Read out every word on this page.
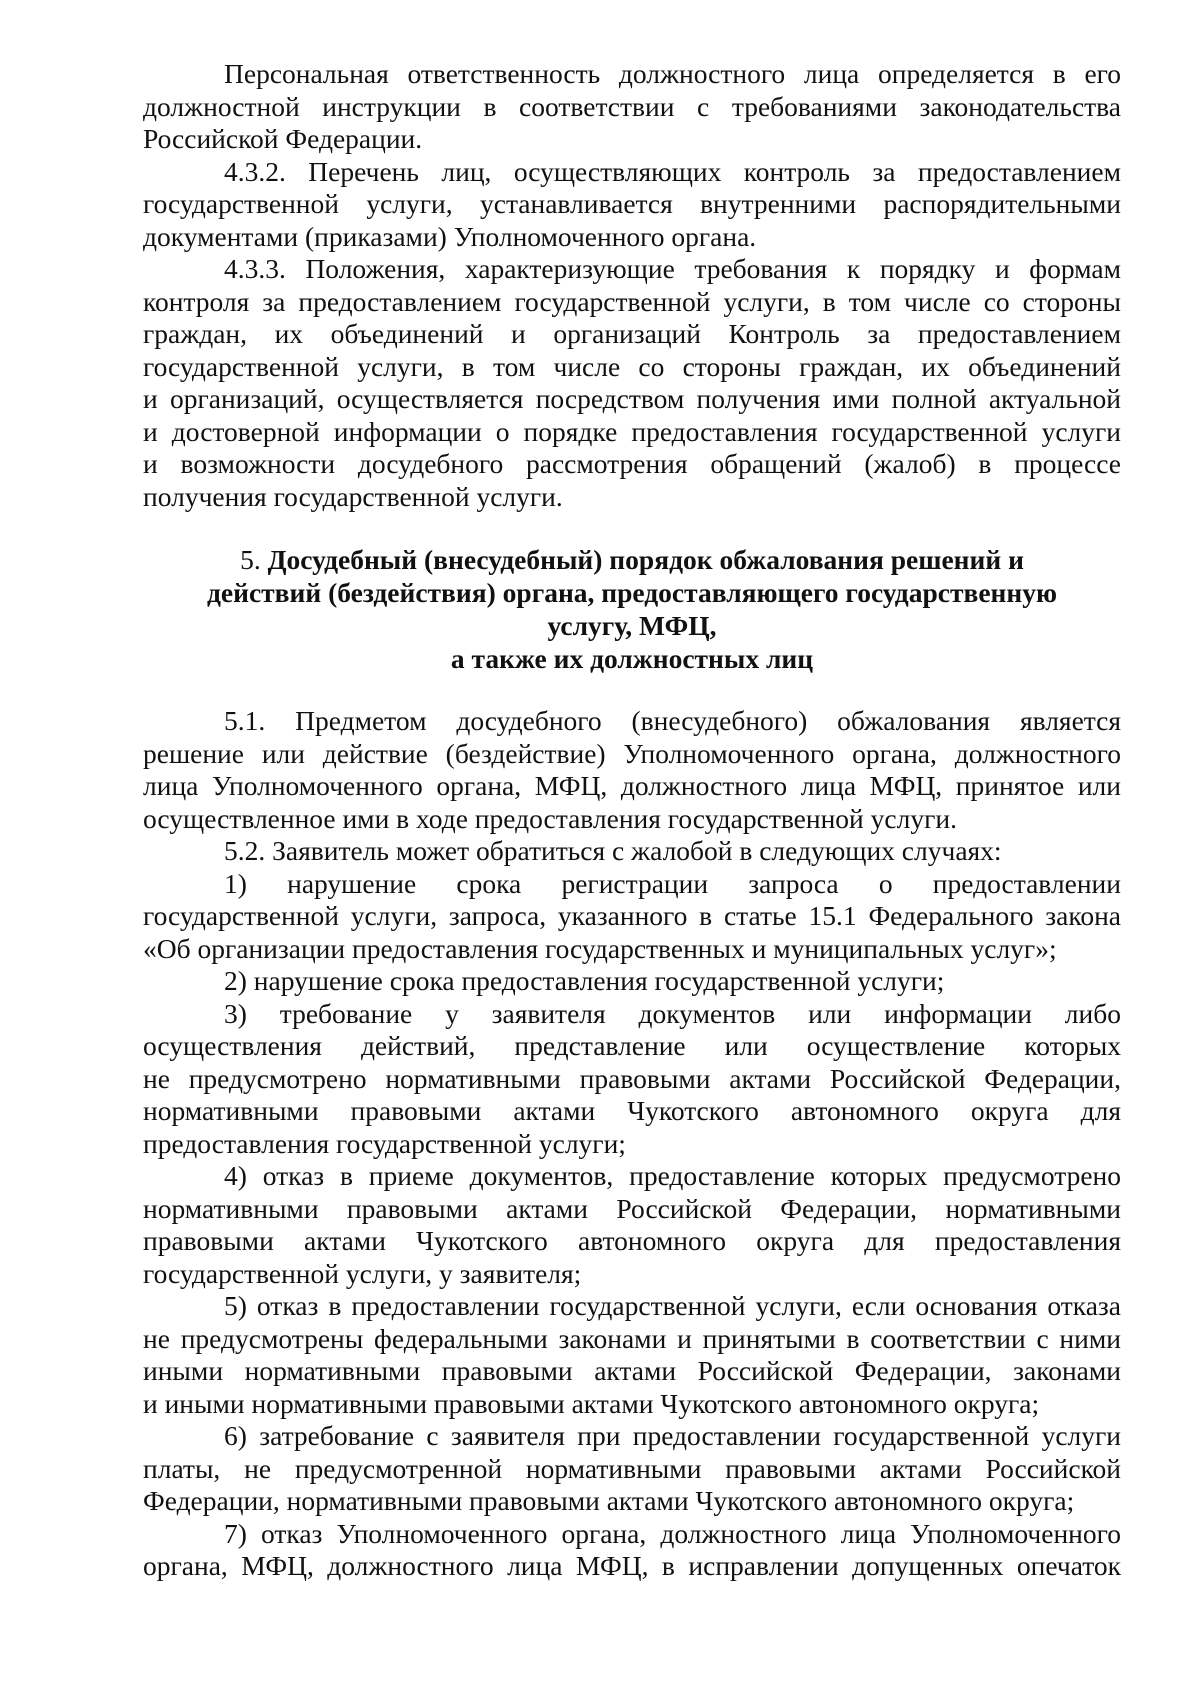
Персональная ответственность должностного лица определяется в его
должностной инструкции в соответствии с требованиями законодательства
Российской Федерации.
4.3.2. Перечень лиц, осуществляющих контроль за предоставлением
государственной услуги, устанавливается внутренними распорядительными
документами (приказами) Уполномоченного органа.
4.3.3. Положения, характеризующие требования к порядку и формам
контроля за предоставлением государственной услуги, в том числе со стороны
граждан, их объединений и организаций Контроль за предоставлением
государственной услуги, в том числе со стороны граждан, их объединений
и организаций, осуществляется посредством получения ими полной актуальной
и достоверной информации о порядке предоставления государственной услуги
и возможности досудебного рассмотрения обращений (жалоб) в процессе
получения государственной услуги.
5. Досудебный (внесудебный) порядок обжалования решений и
действий (бездействия) органа, предоставляющего государственную
услугу, МФЦ,
а также их должностных лиц
5.1. Предметом досудебного (внесудебного) обжалования является
решение или действие (бездействие) Уполномоченного органа, должностного
лица Уполномоченного органа, МФЦ, должностного лица МФЦ, принятое или
осуществленное ими в ходе предоставления государственной услуги.
5.2. Заявитель может обратиться с жалобой в следующих случаях:
1) нарушение срока регистрации запроса о предоставлении
государственной услуги, запроса, указанного в статье 15.1 Федерального закона
«Об организации предоставления государственных и муниципальных услуг»;
2) нарушение срока предоставления государственной услуги;
3) требование у заявителя документов или информации либо
осуществления действий, представление или осуществление которых
не предусмотрено нормативными правовыми актами Российской Федерации,
нормативными правовыми актами Чукотского автономного округа для
предоставления государственной услуги;
4) отказ в приеме документов, предоставление которых предусмотрено
нормативными правовыми актами Российской Федерации, нормативными
правовыми актами Чукотского автономного округа для предоставления
государственной услуги, у заявителя;
5) отказ в предоставлении государственной услуги, если основания отказа
не предусмотрены федеральными законами и принятыми в соответствии с ними
иными нормативными правовыми актами Российской Федерации, законами
и иными нормативными правовыми актами Чукотского автономного округа;
6) затребование с заявителя при предоставлении государственной услуги
платы, не предусмотренной нормативными правовыми актами Российской
Федерации, нормативными правовыми актами Чукотского автономного округа;
7) отказ Уполномоченного органа, должностного лица Уполномоченного
органа, МФЦ, должностного лица МФЦ, в исправлении допущенных опечаток
